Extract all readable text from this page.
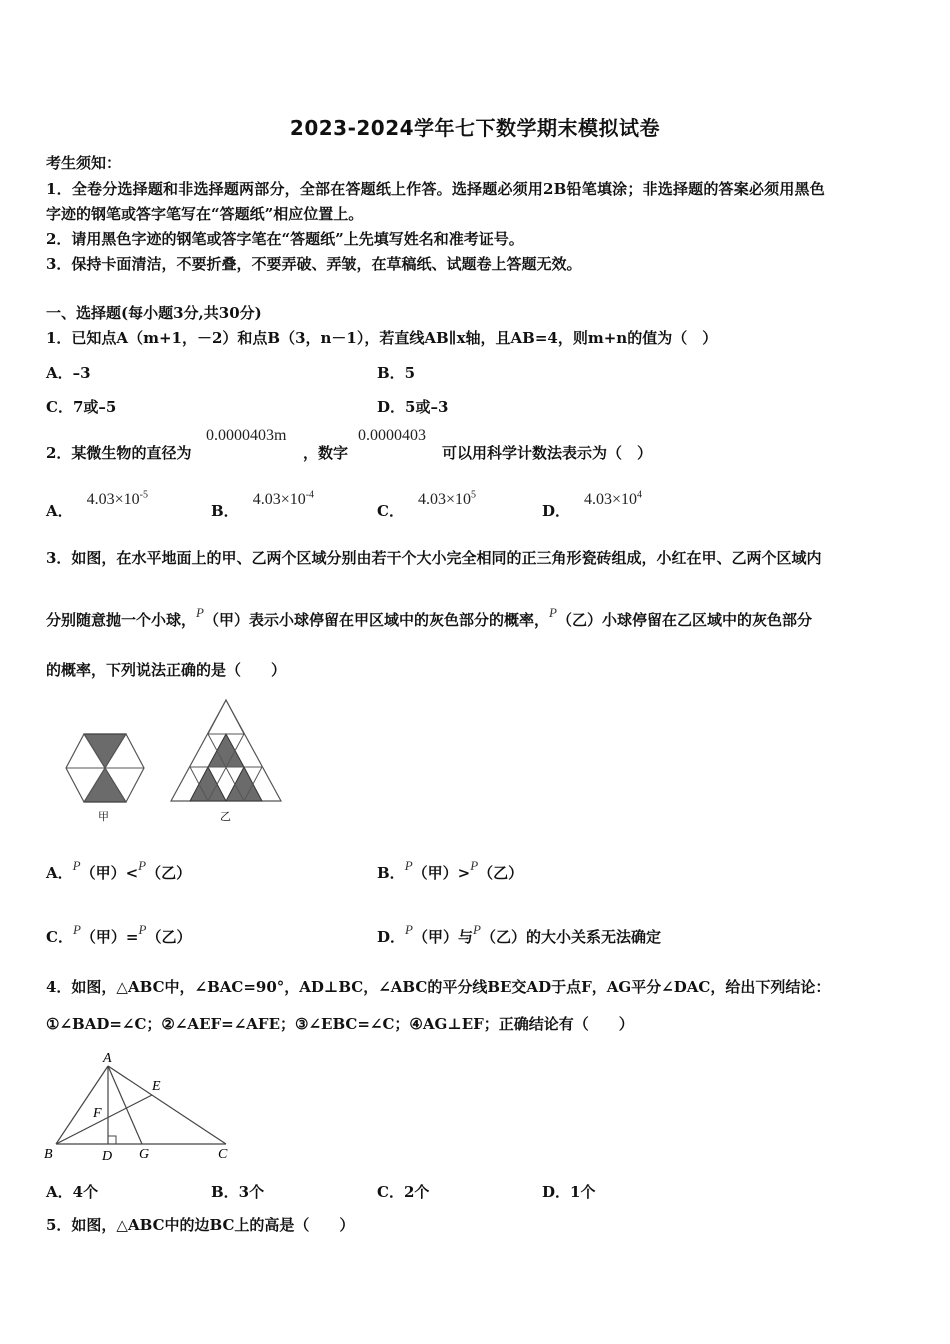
2023-2024学年七下数学期末模拟试卷
考生须知：
1．全卷分选择题和非选择题两部分，全部在答题纸上作答。选择题必须用2B铅笔填涂；非选择题的答案必须用黑色
字迹的钢笔或答字笔写在“答题纸”相应位置上。
2．请用黑色字迹的钢笔或答字笔在“答题纸”上先填写姓名和准考证号。
3．保持卡面清洁，不要折叠，不要弄破、弄皱，在草稿纸、试题卷上答题无效。
一、选择题(每小题3分,共30分)
1．已知点A（m+1，－2）和点B（3，n－1），若直线AB∥x轴，且AB=4，则m+n的值为（　）
A．–3	B．5
C．7或–5	D．5或–3
2．某微生物的直径为
0.0000403m
，数字
0.0000403
可以用科学计数法表示为（　）
A．$4.03\times 10^{-5}$
B．$4.03\times 10^{-4}$
C．$4.03\times 10^5$
D．$4.03\times 10^4$
3．如图，在水平地面上的甲、乙两个区域分别由若干个大小完全相同的正三角形瓷砖组成，小红在甲、乙两个区域内
分别随意抛一个小球，P（甲）表示小球停留在甲区域中的灰色部分的概率，P（乙）小球停留在乙区域中的灰色部分
的概率，下列说法正确的是（　　）
甲	乙
A．P（甲）<P（乙）	B．P（甲）>P（乙）
C．P（甲）=P（乙）	D．P（甲）与P（乙）的大小关系无法确定
4．如图，△ABC中，∠BAC=90°，AD⊥BC，∠ABC的平分线BE交AD于点F，AG平分∠DAC，给出下列结论：
①∠BAD=∠C；②∠AEF=∠AFE；③∠EBC=∠C；④AG⊥EF；正确结论有（　　）
A
B	C
D
E
F
G
A．4个	B．3个	C．2个	D．1个
5．如图，△ABC中的边BC上的高是（　　）
